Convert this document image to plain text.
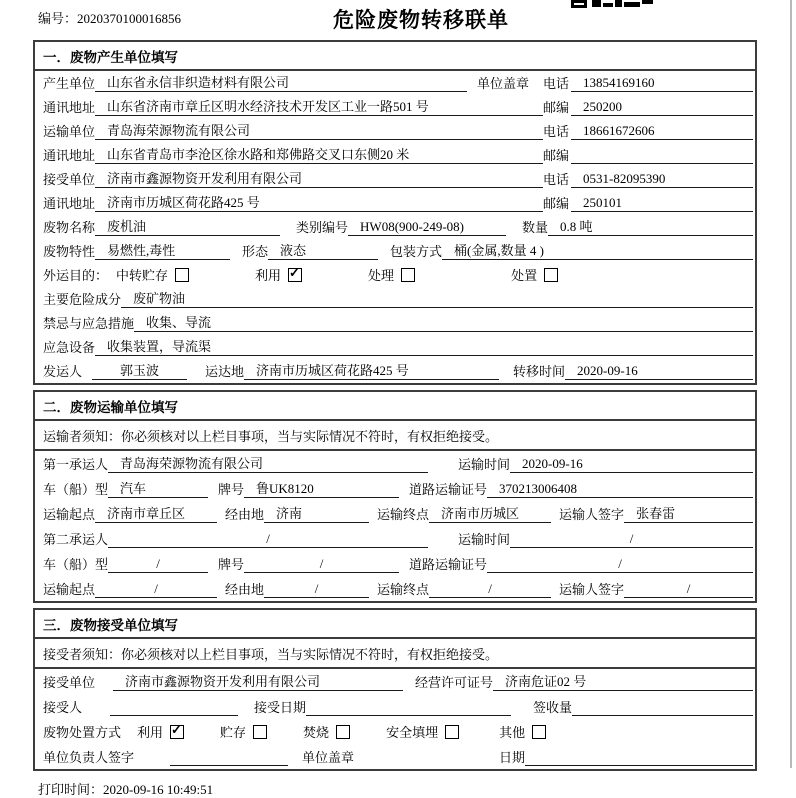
编号：2020370100016856	危险废物转移联单
一．废物产生单位填写
产生单位 山东省永信非织造材料有限公司	单位盖章 电话	13854169160
通讯地址 山东省济南市章丘区明水经济技术开发区工业一路501 号	邮编	250200
运输单位 青岛海荣源物流有限公司	电话	18661672606
通讯地址 山东省青岛市李沧区徐水路和郑佛路交叉口东侧20 米	邮编
接受单位 济南市鑫源物资开发利用有限公司	电话	0531-82095390
通讯地址 济南市历城区荷花路425 号	邮编	250101
废物名称 废机油	类别编号 HW08(900-249-08)	数量 0.8 吨
废物特性 易燃性,毒性	形态 液态	包装方式 桶(金属,数量 4 )
外运目的： 中转贮存	利用 ✓	处理	处置
主要危险成分 废矿物油
禁忌与应急措施 收集、导流
应急设备 收集装置，导流渠
发运人	郭玉波	运达地 济南市历城区荷花路425 号	转移时间 2020-09-16
二．废物运输单位填写
运输者须知：你必须核对以上栏目事项，当与实际情况不符时，有权拒绝接受。
第一承运人 青岛海荣源物流有限公司	运输时间 2020-09-16
车（船）型 汽车	牌号 鲁UK8120	道路运输证号 370213006408
运输起点 济南市章丘区	经由地 济南	运输终点 济南市历城区	运输人签字 张春雷
第二承运人	/	运输时间	/
车（船）型	/	牌号	/	道路运输证号	/
运输起点	/	经由地	/	运输终点	/	运输人签字	/
三．废物接受单位填写
接受者须知：你必须核对以上栏目事项，当与实际情况不符时，有权拒绝接受。
接受单位	济南市鑫源物资开发利用有限公司	经营许可证号 济南危证02 号
接受人	接受日期	签收量
废物处置方式 利用 ✓	贮存	焚烧	安全填埋	其他
单位负责人签字	单位盖章	日期
打印时间：2020-09-16 10:49:51
